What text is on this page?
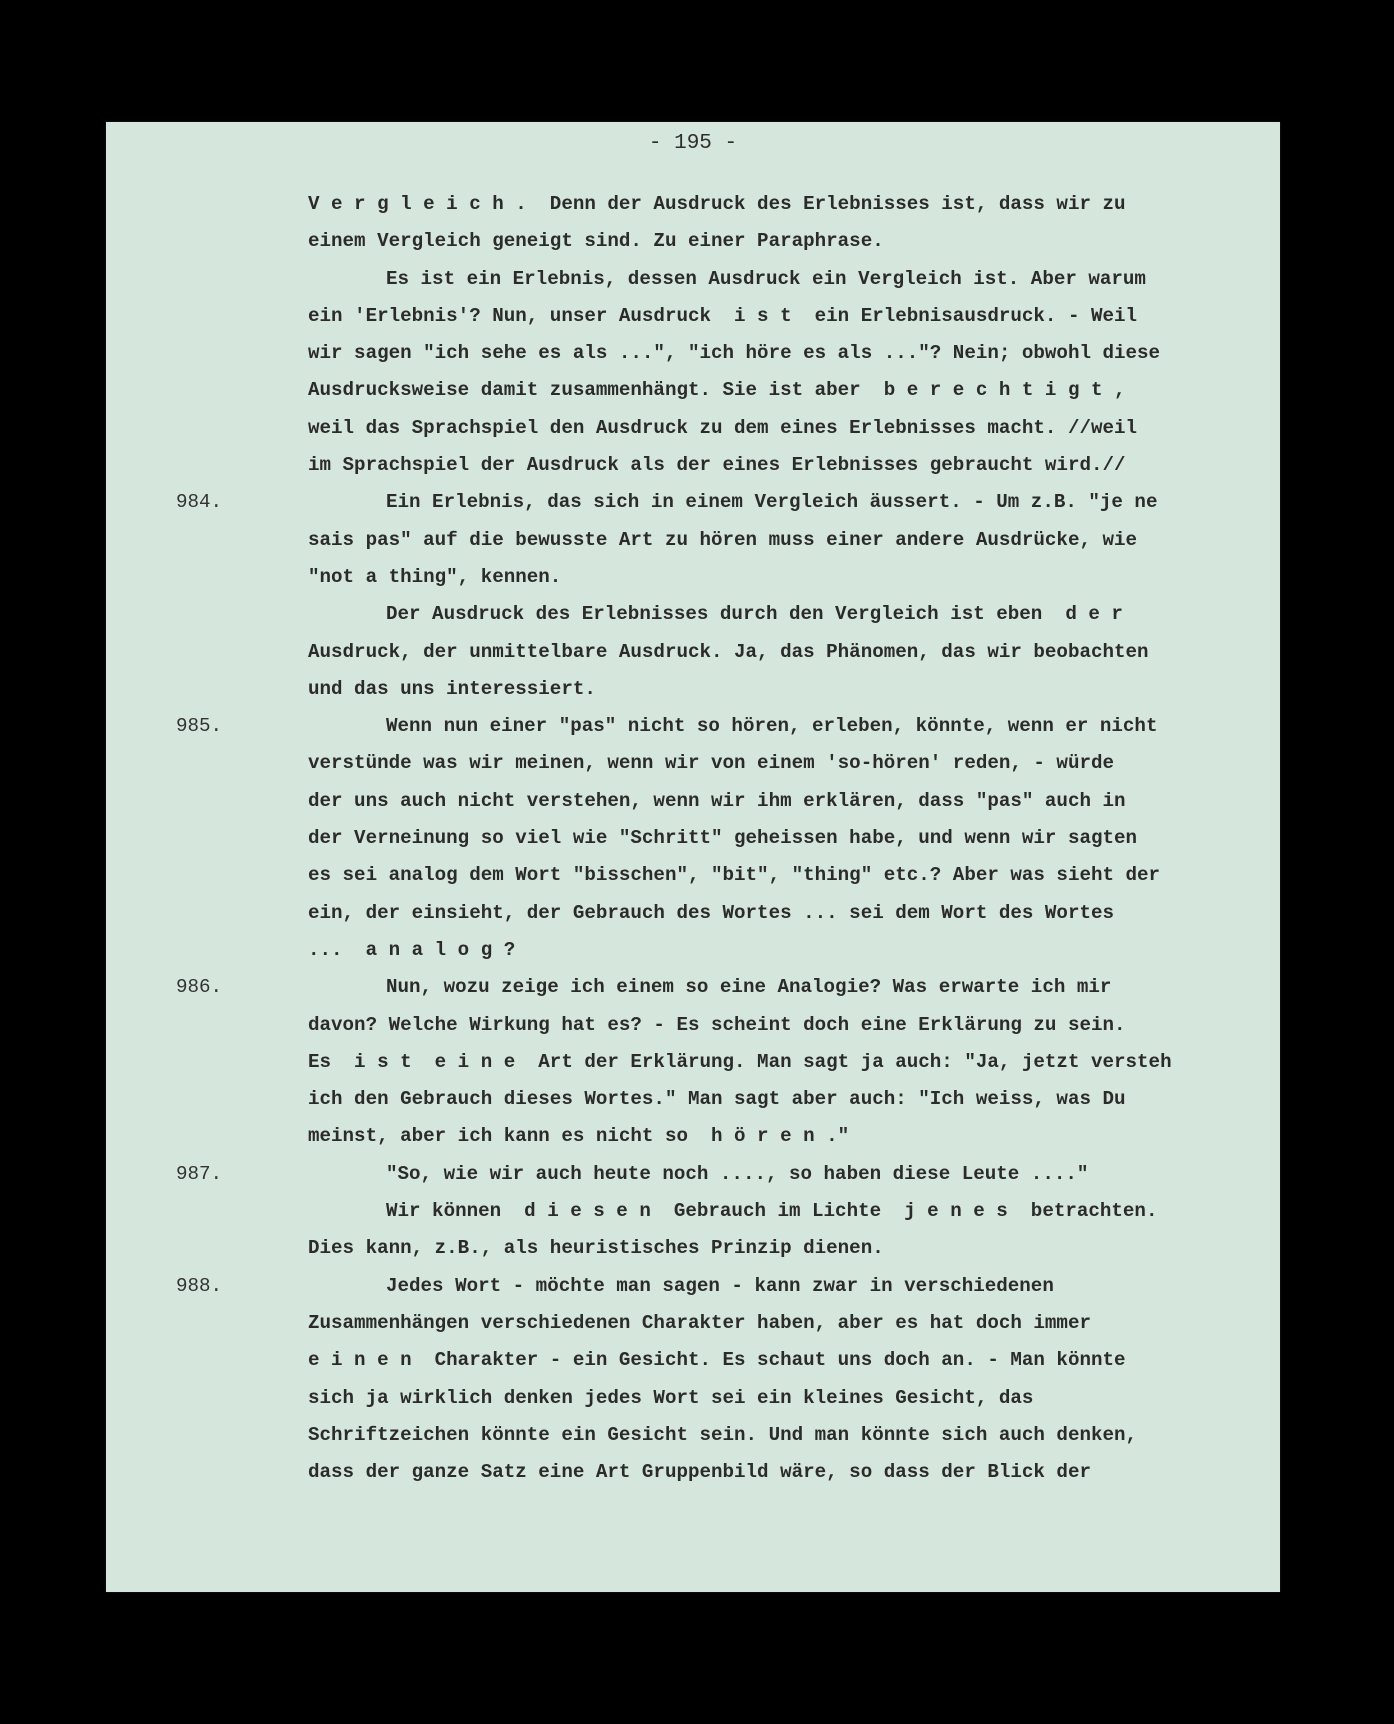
- 195 -
V e r g l e i c h .  Denn der Ausdruck des Erlebnisses ist, dass wir zu
einem Vergleich geneigt sind. Zu einer Paraphrase.
Es ist ein Erlebnis, dessen Ausdruck ein Vergleich ist. Aber warum
ein 'Erlebnis'? Nun, unser Ausdruck  i s t  ein Erlebnisausdruck. - Weil
wir sagen "ich sehe es als ...", "ich höre es als ..."? Nein; obwohl diese
Ausdrucksweise damit zusammenhängt. Sie ist aber  b e r e c h t i g t ,
weil das Sprachspiel den Ausdruck zu dem eines Erlebnisses macht. //weil
im Sprachspiel der Ausdruck als der eines Erlebnisses gebraucht wird.//
984.	Ein Erlebnis, das sich in einem Vergleich äussert. - Um z.B. "je ne
sais pas" auf die bewusste Art zu hören muss einer andere Ausdrücke, wie
"not a thing", kennen.
Der Ausdruck des Erlebnisses durch den Vergleich ist eben  d e r
Ausdruck, der unmittelbare Ausdruck. Ja, das Phänomen, das wir beobachten
und das uns interessiert.
985.	Wenn nun einer "pas" nicht so hören, erleben, könnte, wenn er nicht
verstünde was wir meinen, wenn wir von einem 'so-hören' reden, - würde
der uns auch nicht verstehen, wenn wir ihm erklären, dass "pas" auch in
der Verneinung so viel wie "Schritt" geheissen habe, und wenn wir sagten
es sei analog dem Wort "bisschen", "bit", "thing" etc.? Aber was sieht der
ein, der einsieht, der Gebrauch des Wortes ... sei dem Wort des Wortes
...  a n a l o g ?
986.	Nun, wozu zeige ich einem so eine Analogie? Was erwarte ich mir
davon? Welche Wirkung hat es? - Es scheint doch eine Erklärung zu sein.
Es  i s t  e i n e  Art der Erklärung. Man sagt ja auch: "Ja, jetzt versteh
ich den Gebrauch dieses Wortes." Man sagt aber auch: "Ich weiss, was Du
meinst, aber ich kann es nicht so  h ö r e n ."
987.	"So, wie wir auch heute noch ...., so haben diese Leute ...."
Wir können  d i e s e n  Gebrauch im Lichte  j e n e s  betrachten.
Dies kann, z.B., als heuristisches Prinzip dienen.
988.	Jedes Wort - möchte man sagen - kann zwar in verschiedenen
Zusammenhängen verschiedenen Charakter haben, aber es hat doch immer
e i n e n  Charakter - ein Gesicht. Es schaut uns doch an. - Man könnte
sich ja wirklich denken jedes Wort sei ein kleines Gesicht, das
Schriftzeichen könnte ein Gesicht sein. Und man könnte sich auch denken,
dass der ganze Satz eine Art Gruppenbild wäre, so dass der Blick der
